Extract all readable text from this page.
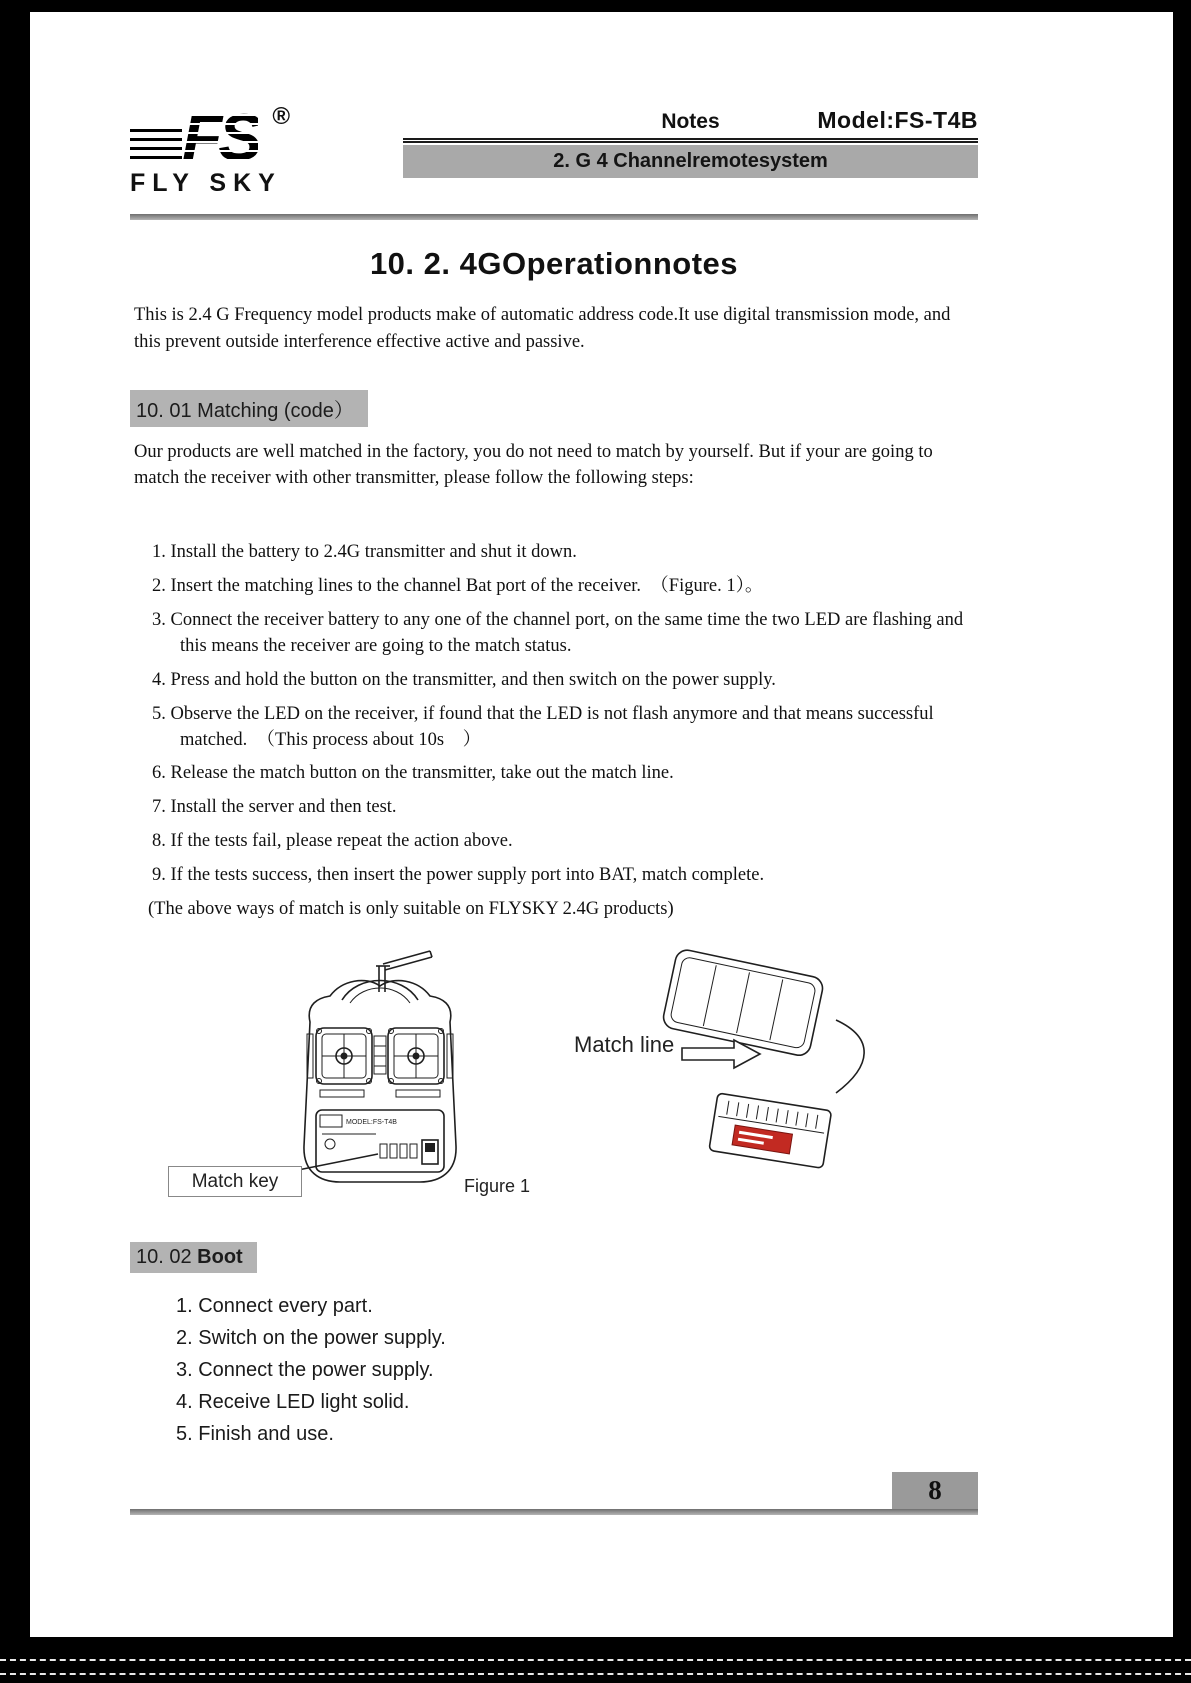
FS ®
FLY SKY
Notes	Model:FS-T4B
2. G 4 Channelremotesystem
10. 2. 4GOperationnotes

This is 2.4 G Frequency model products make of automatic address code.It use digital transmission mode, and this prevent outside interference effective active and passive.

10. 01 Matching (code）

Our products are well matched in the factory, you do not need to match by yourself. But if your are going to match the receiver with other transmitter, please follow the following steps:

1. Install the battery to 2.4G transmitter and shut it down.
2. Insert the matching lines to the channel Bat port of the receiver.　（Figure. 1）。
3. Connect the receiver battery to any one of the channel port, on the same time the two LED are flashing and this means the receiver are going to the match status.
4. Press and hold the button on the transmitter, and then switch on the power supply.
5. Observe the LED on the receiver, if found that the LED is not flash anymore and that means successful matched.　（This process about 10s　）
6. Release the match button on the transmitter, take out the match line.
7. Install the server and then test.
8. If the tests fail, please repeat the action above.
9. If the tests success, then insert the power supply port into BAT, match complete.
(The above ways of match is only suitable on FLYSKY 2.4G products)
MODEL:FS-T4B
Match line
Match key	Figure 1
10. 02 Boot
1. Connect every part.
2. Switch on the power supply.
3. Connect the power supply.
4. Receive LED light solid.
5. Finish and use.
8
